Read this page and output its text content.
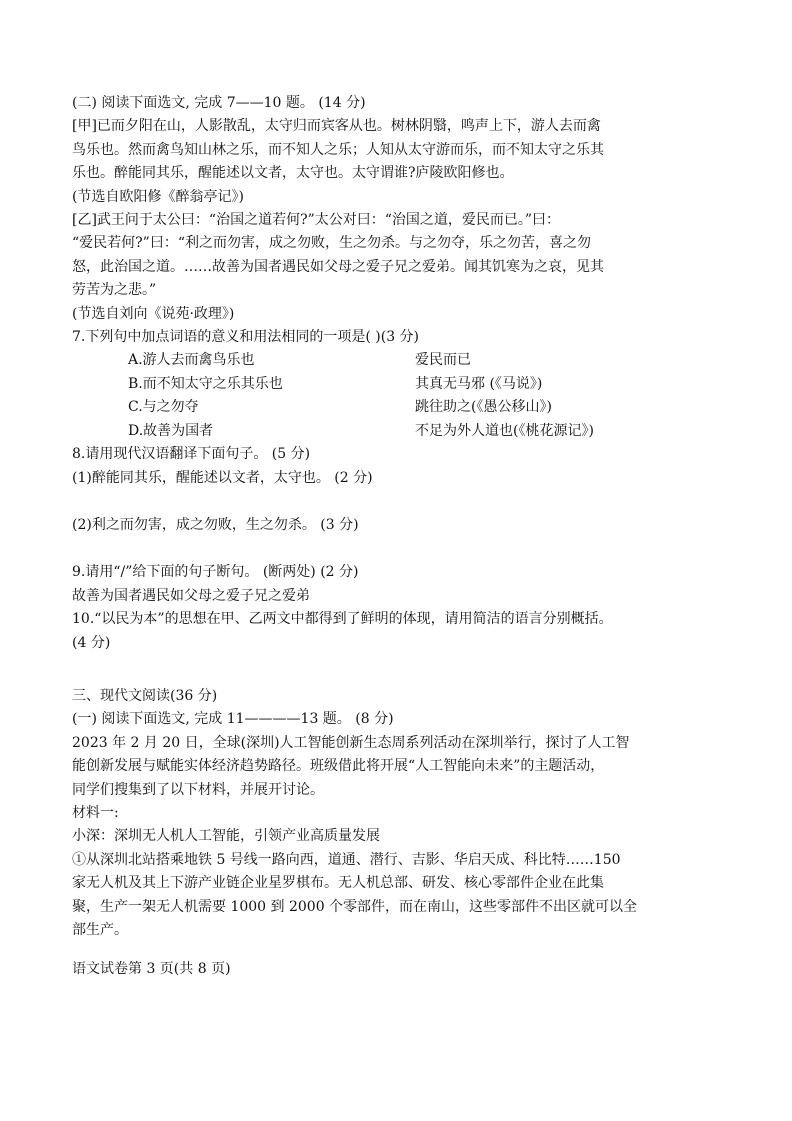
(二) 阅读下面选文, 完成 7——10 题。 (14 分)
[甲]已而夕阳在山，人影散乱，太守归而宾客从也。树林阴翳，鸣声上下，游人去而禽
鸟乐也。然而禽鸟知山林之乐，而不知人之乐；人知从太守游而乐，而不知太守之乐其
乐也。醉能同其乐，醒能述以文者，太守也。太守谓谁?庐陵欧阳修也。
(节选自欧阳修《醉翁亭记》)
[乙]武王问于太公曰：“治国之道若何?”太公对曰：“治国之道，爱民而已。”曰：
“爱民若何?”曰：“利之而勿害，成之勿败，生之勿杀。与之勿夺，乐之勿苦，喜之勿
怒，此治国之道。……故善为国者遇民如父母之爱子兄之爱弟。闻其饥寒为之哀，见其
劳苦为之悲。”
(节选自刘向《说苑·政理》)
7.下列句中加点词语的意义和用法相同的一项是( )(3 分)
A.游人去而禽鸟乐也	爱民而已
B.而不知太守之乐其乐也	其真无马邪 (《马说》)
C.与之勿夺	跳往助之(《愚公移山》)
D.故善为国者	不足为外人道也(《桃花源记》)
8.请用现代汉语翻译下面句子。 (5 分)
(1)醉能同其乐，醒能述以文者，太守也。 (2 分)
(2)利之而勿害，成之勿败，生之勿杀。 (3 分)
9.请用“/”给下面的句子断句。 (断两处) (2 分)
故善为国者遇民如父母之爱子兄之爱弟
10.“以民为本”的思想在甲、乙两文中都得到了鲜明的体现，请用简洁的语言分别概括。
(4 分)
三、现代文阅读(36 分)
(一) 阅读下面选文, 完成 11————13 题。 (8 分)
2023 年 2 月 20 日，全球(深圳)人工智能创新生态周系列活动在深圳举行，探讨了人工智
能创新发展与赋能实体经济趋势路径。班级借此将开展“人工智能向未来”的主题活动，
同学们搜集到了以下材料，并展开讨论。
材料一:
小深：深圳无人机人工智能，引领产业高质量发展
①从深圳北站搭乘地铁 5 号线一路向西，道通、潜行、吉影、华启天成、科比特……150
家无人机及其上下游产业链企业星罗棋布。无人机总部、研发、核心零部件企业在此集
聚，生产一架无人机需要 1000 到 2000 个零部件，而在南山，这些零部件不出区就可以全
部生产。
语文试卷第 3 页(共 8 页)
